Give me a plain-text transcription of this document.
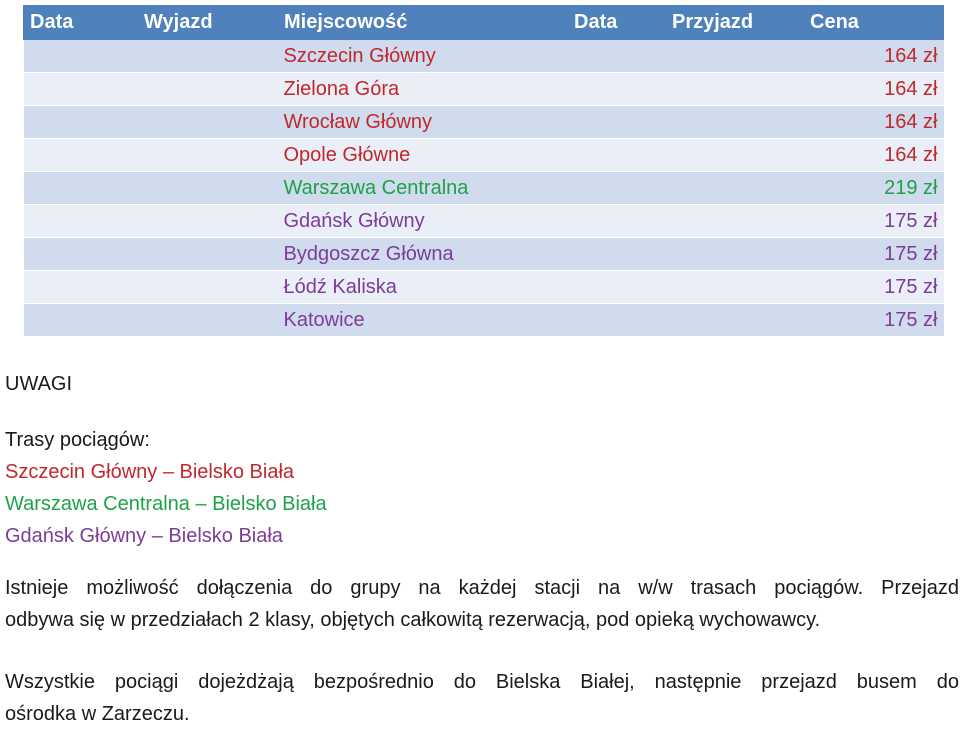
Data	Wyjazd	Miejscowość	Data	Przyjazd	Cena
		Szczecin Główny			164 zł
		Zielona Góra			164 zł
		Wrocław Główny			164 zł
		Opole Główne			164 zł
		Warszawa Centralna			219 zł
		Gdańsk Główny			175 zł
		Bydgoszcz Główna			175 zł
		Łódź Kaliska			175 zł
		Katowice			175 zł

UWAGI

Trasy pociągów:

Szczecin Główny – Bielsko Biała

Warszawa Centralna – Bielsko Biała

Gdańsk Główny – Bielsko Biała

Istnieje możliwość dołączenia do grupy na każdej stacji na w/w trasach pociągów. Przejazd

odbywa się w przedziałach 2 klasy, objętych całkowitą rezerwacją, pod opieką wychowawcy.

Wszystkie pociągi dojeżdżają bezpośrednio do Bielska Białej, następnie przejazd busem do

ośrodka w Zarzeczu.
